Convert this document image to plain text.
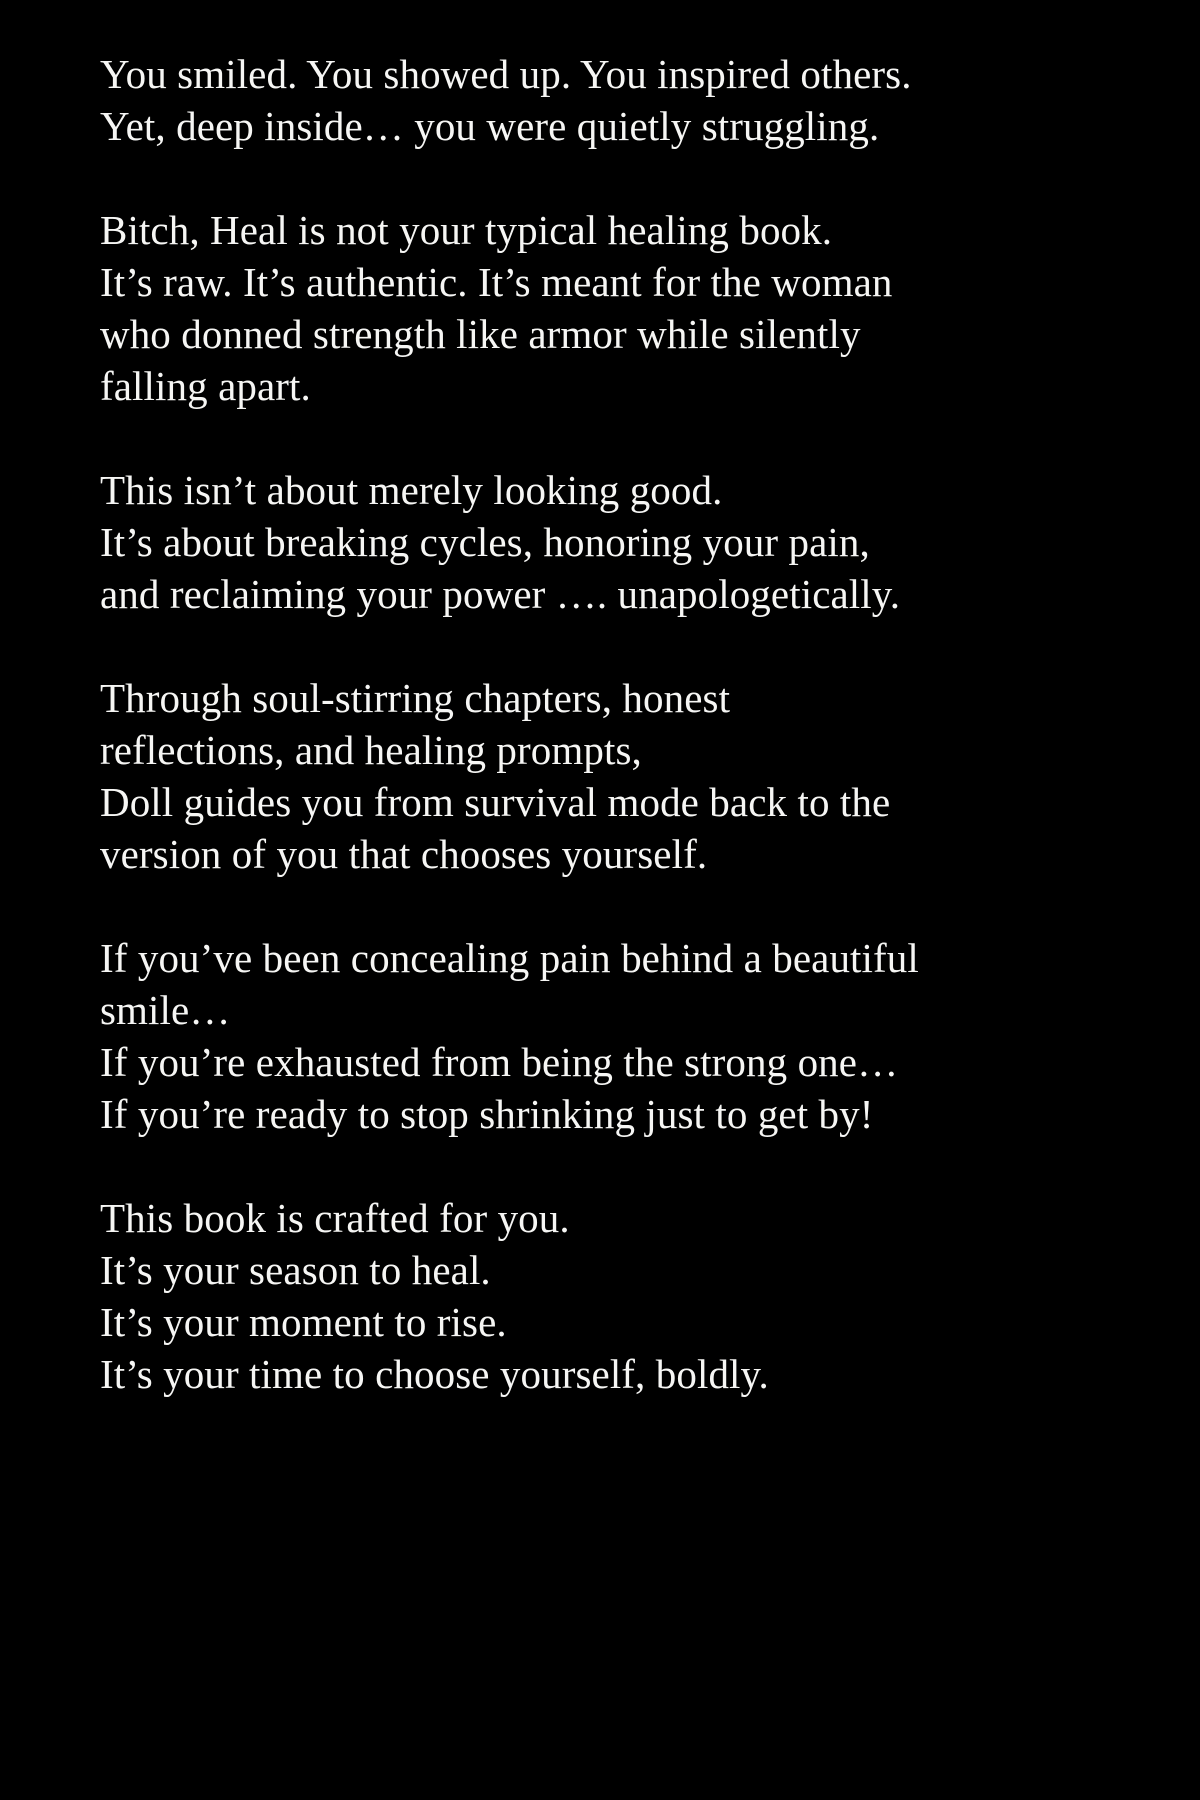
You smiled. You showed up. You inspired others.
Yet, deep inside… you were quietly struggling.
Bitch, Heal is not your typical healing book.
It’s raw. It’s authentic. It’s meant for the woman
who donned strength like armor while silently
falling apart.
This isn’t about merely looking good.
It’s about breaking cycles, honoring your pain,
and reclaiming your power …. unapologetically.
Through soul-stirring chapters, honest
reflections, and healing prompts,
Doll guides you from survival mode back to the
version of you that chooses yourself.
If you’ve been concealing pain behind a beautiful
smile…
If you’re exhausted from being the strong one…
If you’re ready to stop shrinking just to get by!
This book is crafted for you.
It’s your season to heal.
It’s your moment to rise.
It’s your time to choose yourself, boldly.
